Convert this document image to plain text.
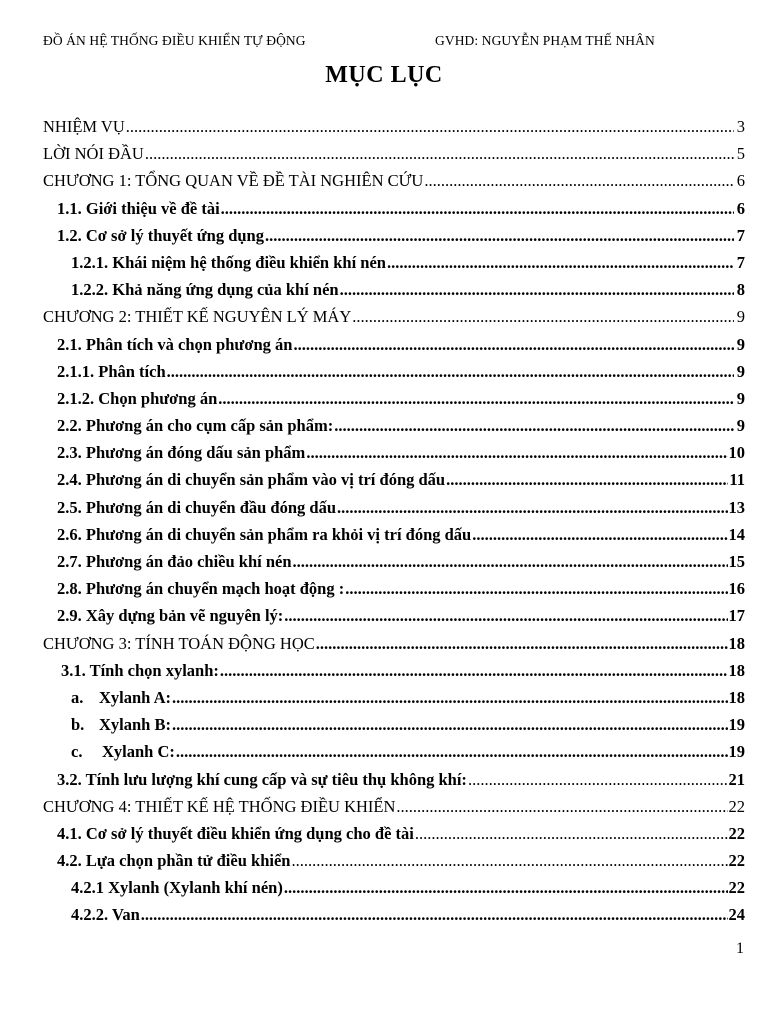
ĐỒ ÁN HỆ THỐNG ĐIỀU KHIỂN TỰ ĐỘNG	GVHD: NGUYỄN PHẠM THẾ NHÂN
MỤC LỤC
NHIỆM VỤ .....	3
LỜI NÓI ĐẦU .....	5
CHƯƠNG 1: TỔNG QUAN VỀ ĐỀ TÀI NGHIÊN CỨU .....	6
1.1. Giới thiệu về đề tài .....	6
1.2. Cơ sở lý thuyết ứng dụng .....	7
1.2.1. Khái niệm hệ thống điều khiển khí nén .....	7
1.2.2. Khả năng ứng dụng của khí nén .....	8
CHƯƠNG 2: THIẾT KẾ NGUYÊN LÝ MÁY .....	9
2.1. Phân tích và chọn phương án .....	9
2.1.1. Phân tích .....	9
2.1.2. Chọn phương án .....	9
2.2. Phương án cho cụm cấp sản phẩm: .....	9
2.3. Phương án đóng dấu sản phẩm .....	10
2.4. Phương án di chuyển sản phẩm vào vị trí đóng dấu .....	11
2.5. Phương án di chuyển đầu đóng dấu .....	13
2.6. Phương án di chuyển sản phẩm ra khỏi vị trí đóng dấu .....	14
2.7. Phương án đảo chiều khí nén .....	15
2.8. Phương án chuyển mạch hoạt động : .....	16
2.9. Xây dựng bản vẽ nguyên lý: .....	17
CHƯƠNG 3: TÍNH TOÁN ĐỘNG HỌC .....	18
3.1. Tính chọn xylanh: .....	18
a. Xylanh A: .....	18
b. Xylanh B: .....	19
c. Xylanh C: .....	19
3.2. Tính lưu lượng khí cung cấp và sự tiêu thụ không khí: .....	21
CHƯƠNG 4: THIẾT KẾ HỆ THỐNG ĐIỀU KHIỂN .....	22
4.1. Cơ sở lý thuyết điều khiển ứng dụng cho đề tài .....	22
4.2. Lựa chọn phần tử điều khiển .....	22
4.2.1 Xylanh (Xylanh khí nén) .....	22
4.2.2. Van .....	24
1
